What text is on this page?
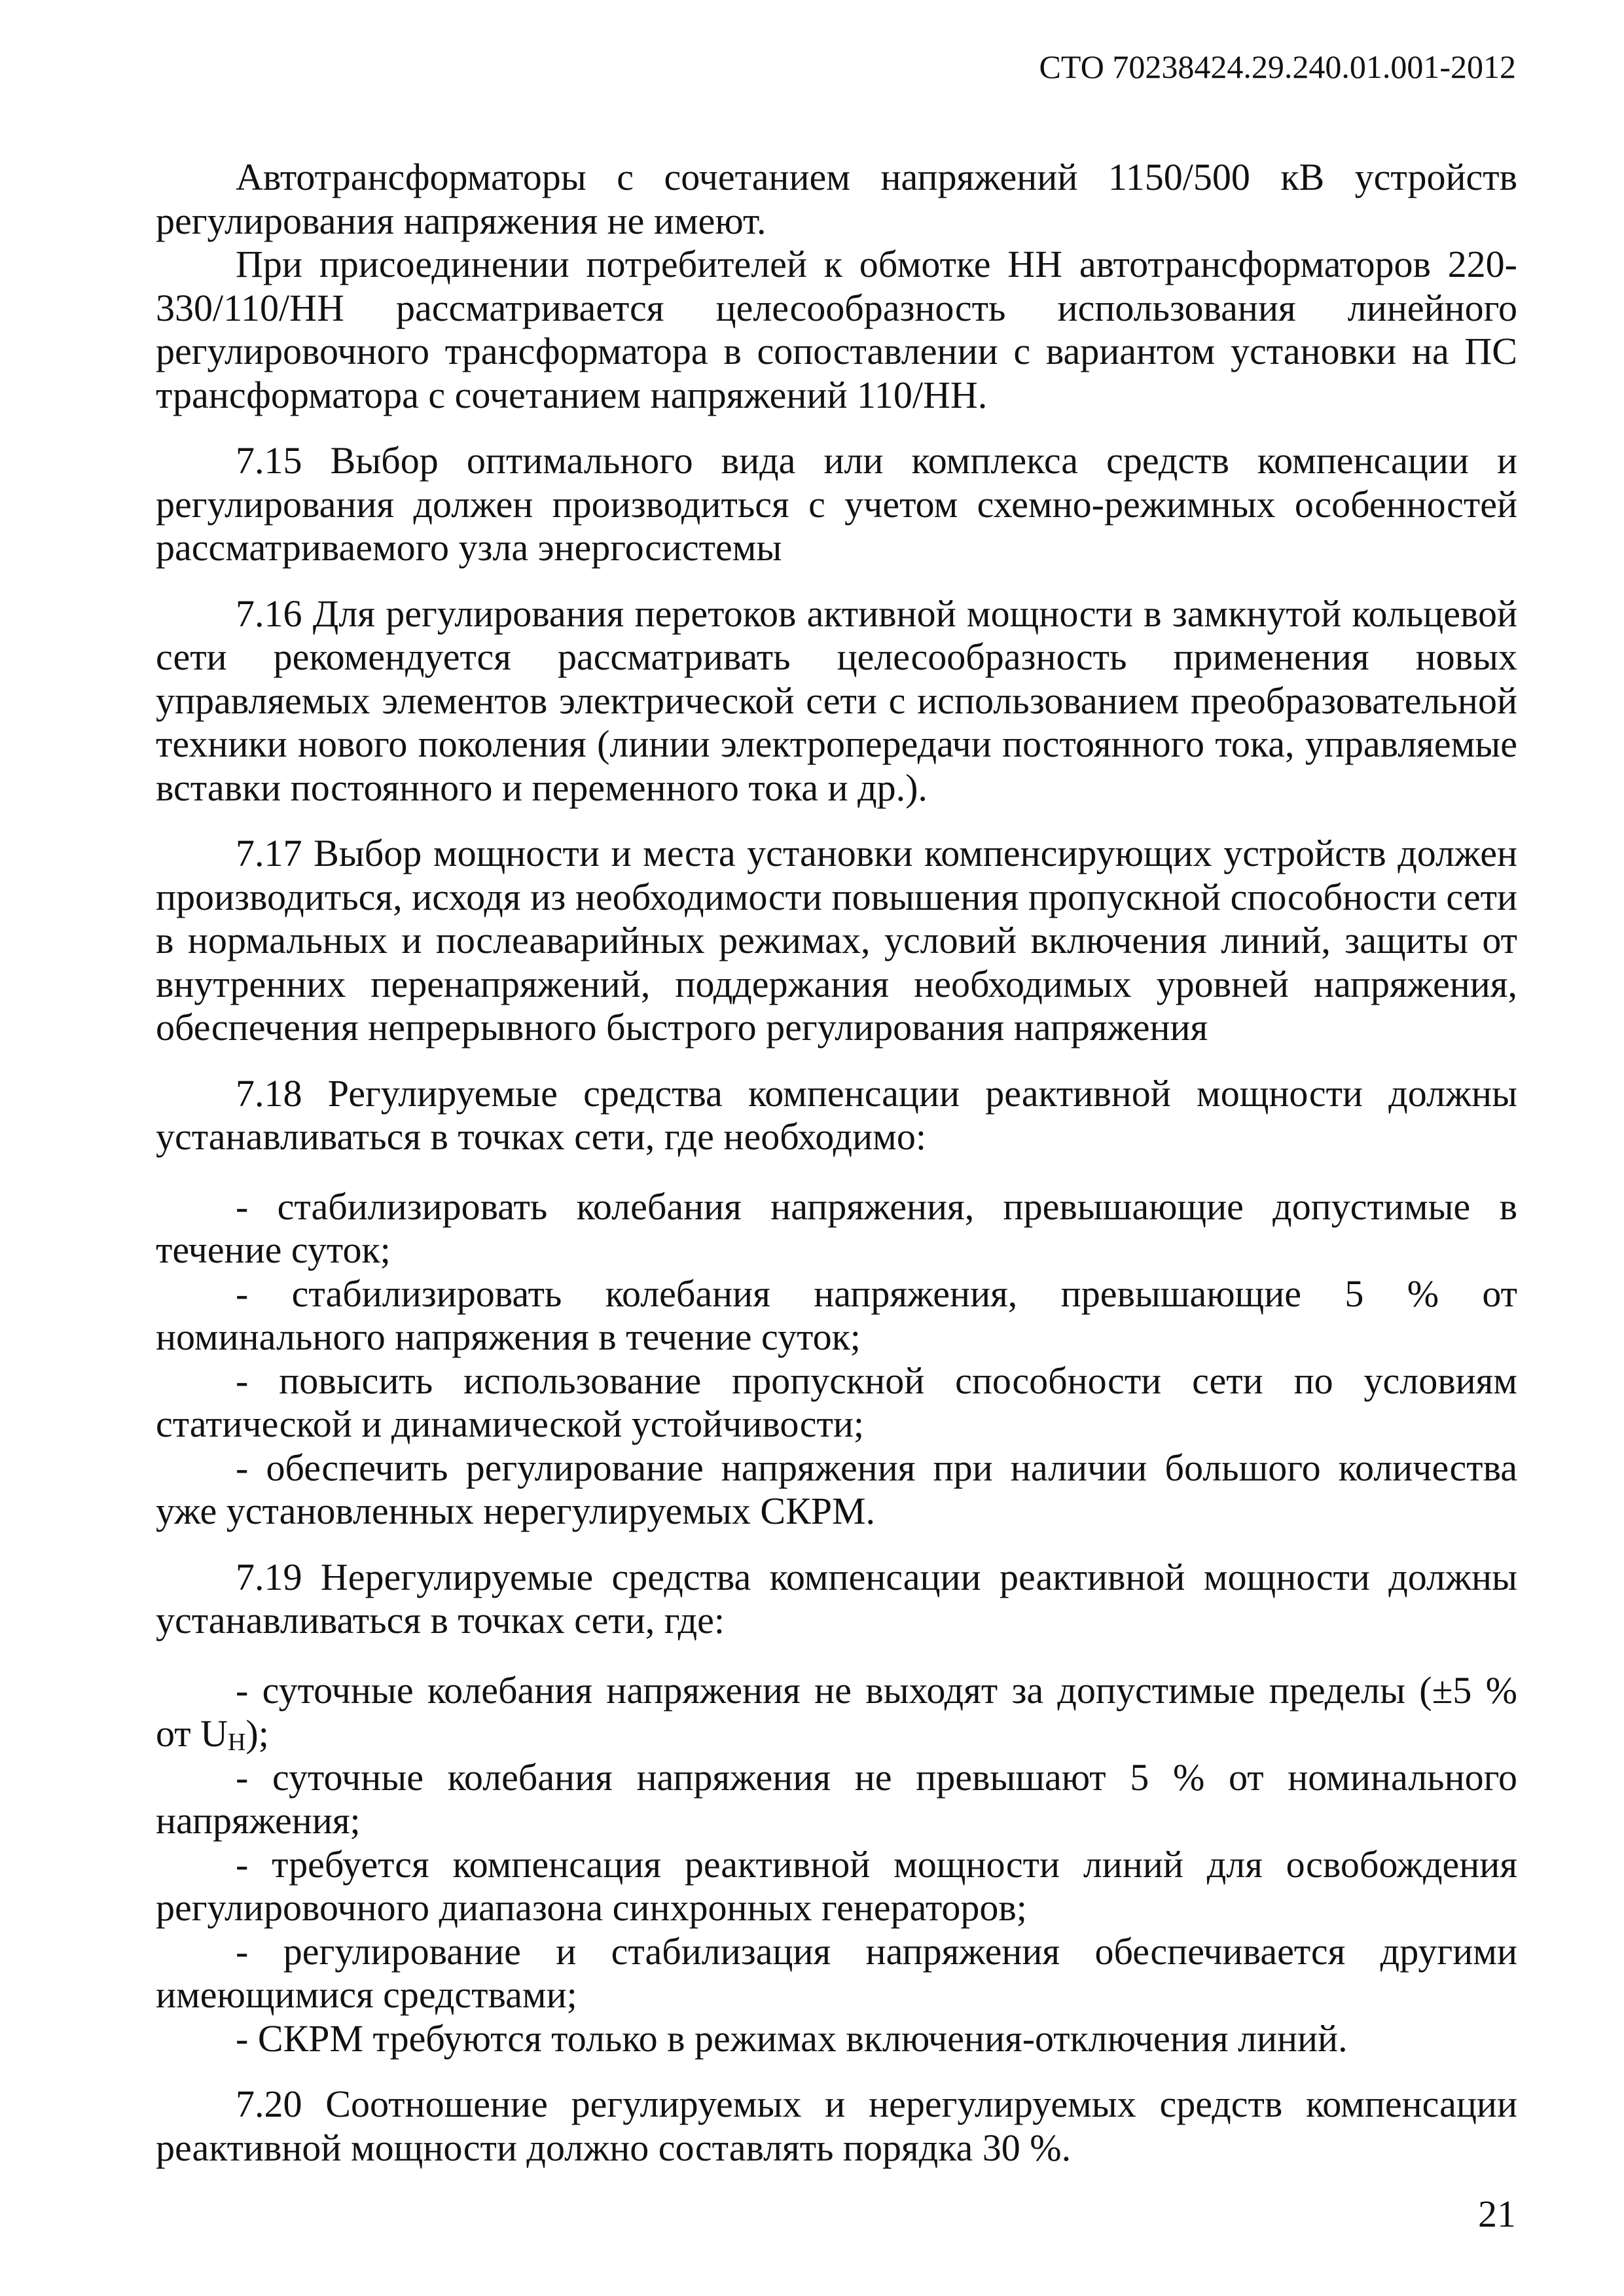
СТО 70238424.29.240.01.001-2012

Автотрансформаторы с сочетанием напряжений 1150/500 кВ устройств регулирования напряжения не имеют.

При присоединении потребителей к обмотке НН автотрансформаторов 220-330/110/НН рассматривается целесообразность использования линейного регулировочного трансформатора в сопоставлении с вариантом установки на ПС трансформатора с сочетанием напряжений 110/НН.

7.15 Выбор оптимального вида или комплекса средств компенсации и регулирования должен производиться с учетом схемно-режимных особенностей рассматриваемого узла энергосистемы

7.16 Для регулирования перетоков активной мощности в замкнутой кольцевой сети рекомендуется рассматривать целесообразность применения новых управляемых элементов электрической сети с использованием преобразовательной техники нового поколения (линии электропередачи постоянного тока, управляемые вставки постоянного и переменного тока и др.).

7.17 Выбор мощности и места установки компенсирующих устройств должен производиться, исходя из необходимости повышения пропускной способности сети в нормальных и послеаварийных режимах, условий включения линий, защиты от внутренних перенапряжений, поддержания необходимых уровней напряжения, обеспечения непрерывного быстрого регулирования напряжения

7.18 Регулируемые средства компенсации реактивной мощности должны устанавливаться в точках сети, где необходимо:

- стабилизировать колебания напряжения, превышающие допустимые в течение суток;

- стабилизировать колебания напряжения, превышающие 5 % от номинального напряжения в течение суток;

- повысить использование пропускной способности сети по условиям статической и динамической устойчивости;

- обеспечить регулирование напряжения при наличии большого количества уже установленных нерегулируемых СКРМ.

7.19 Нерегулируемые средства компенсации реактивной мощности должны устанавливаться в точках сети, где:

- суточные колебания напряжения не выходят за допустимые пределы (±5 % от $U_Н$);

- суточные колебания напряжения не превышают 5 % от номинального напряжения;

- требуется компенсация реактивной мощности линий для освобождения регулировочного диапазона синхронных генераторов;

- регулирование и стабилизация напряжения обеспечивается другими имеющимися средствами;

- СКРМ требуются только в режимах включения-отключения линий.

7.20 Соотношение регулируемых и нерегулируемых средств компенсации реактивной мощности должно составлять порядка 30 %.

21
